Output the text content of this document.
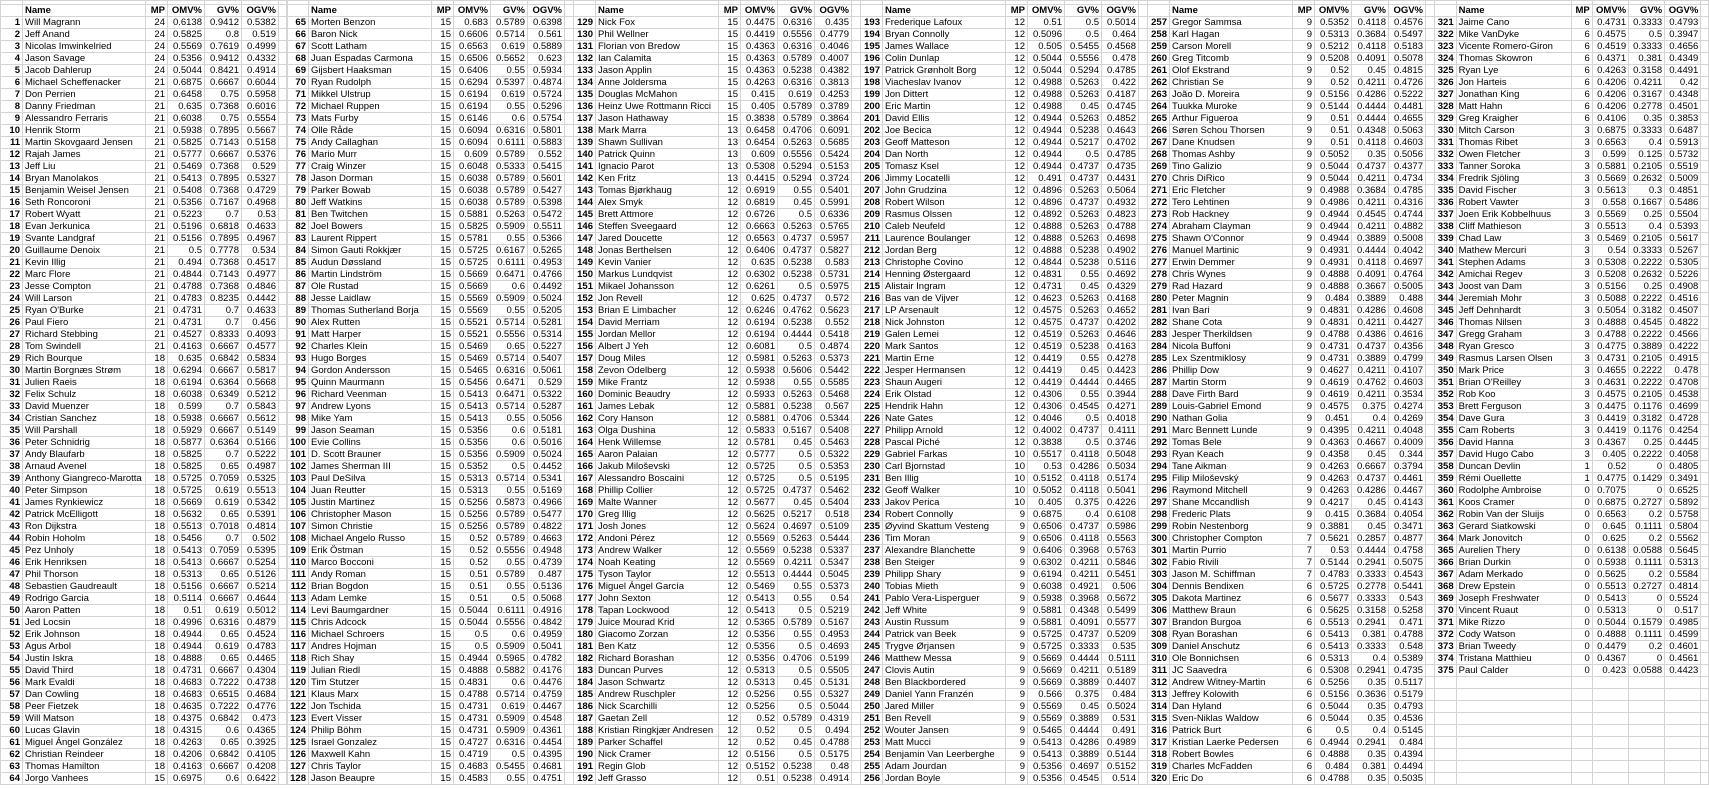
	Name	MP	OMV%	GV%	OGV%	
1	Will Magrann	24	0.6138	0.9412	0.5382	
2	Jeff Anand	24	0.5825	0.8	0.519	
3	Nicolas Imwinkelried	24	0.5569	0.7619	0.4999	
4	Jason Savage	24	0.5356	0.9412	0.4332	
5	Jacob Dahlerup	24	0.5044	0.8421	0.4914	
6	Michael Scheffenacker	21	0.6875	0.6667	0.6044	
7	Don Perrien	21	0.6458	0.75	0.5958	
8	Danny Friedman	21	0.635	0.7368	0.6016	
9	Alessandro Ferraris	21	0.6038	0.75	0.5554	
10	Henrik Storm	21	0.5938	0.7895	0.5667	
11	Martin Skovgaard Jensen	21	0.5825	0.7143	0.5158	
12	Rajah James	21	0.5777	0.6667	0.5376	
13	Jeff Liu	21	0.5469	0.7368	0.529	
14	Bryan Manolakos	21	0.5413	0.7895	0.5327	
15	Benjamin Weisel Jensen	21	0.5408	0.7368	0.4729	
16	Seth Roncoroni	21	0.5356	0.7167	0.4968	
17	Robert Wyatt	21	0.5223	0.7	0.53	
18	Evan Jerkunica	21	0.5196	0.6818	0.4633	
19	Svante Landgraf	21	0.5156	0.7895	0.4967	
20	Guillaume Denoix	21	0.5	0.7778	0.534	
21	Kevin Illig	21	0.494	0.7368	0.4517	
22	Marc Flore	21	0.4844	0.7143	0.4977	
23	Jesse Compton	21	0.4788	0.7368	0.4846	
24	Will Larson	21	0.4783	0.8235	0.4442	
25	Ryan O'Burke	21	0.4731	0.7	0.4633	
26	Paul Fiero	21	0.4731	0.7	0.456	
27	Richard Stebbing	21	0.4527	0.8333	0.4093	
28	Tom Swindell	21	0.4163	0.6667	0.4577	
29	Rich Bourque	18	0.635	0.6842	0.5834	
30	Martin Borgnæs Strøm	18	0.6294	0.6667	0.5817	
31	Julien Raeis	18	0.6194	0.6364	0.5668	
32	Felix Schulz	18	0.6038	0.6349	0.5212	
33	David Muenzer	18	0.599	0.7	0.5843	
34	Cristian Sanchez	18	0.5938	0.6667	0.5612	
35	Will Parshall	18	0.5929	0.6667	0.5149	
36	Peter Schnidrig	18	0.5877	0.6364	0.5166	
37	Andy Blaufarb	18	0.5825	0.7	0.5222	
38	Arnaud Avenel	18	0.5825	0.65	0.4987	
39	Anthony Giangreco-Marotta	18	0.5725	0.7059	0.5325	
40	Peter Simpson	18	0.5725	0.619	0.5513	
41	James Rynkiewicz	18	0.5669	0.619	0.5342	
42	Patrick McElligott	18	0.5632	0.65	0.5391	
43	Ron Dijkstra	18	0.5513	0.7018	0.4814	
44	Robin Hoholm	18	0.5456	0.7	0.502	
45	Pez Unholy	18	0.5413	0.7059	0.5395	
46	Erik Henriksen	18	0.5413	0.6667	0.5254	
47	Phil Thorson	18	0.5313	0.65	0.5126	
48	Sebastien Gaudreault	18	0.5156	0.6667	0.5214	
49	Rodrigo Garcia	18	0.5114	0.6667	0.4644	
50	Aaron Patten	18	0.51	0.619	0.5012	
51	Jed Locsin	18	0.4996	0.6316	0.4879	
52	Erik Johnson	18	0.4944	0.65	0.4524	
53	Agus Arbol	18	0.4944	0.619	0.4783	
54	Justin Iskra	18	0.4888	0.65	0.4465	
55	David Third	18	0.4731	0.6667	0.4304	
56	Mark Evaldi	18	0.4683	0.7222	0.4738	
57	Dan Cowling	18	0.4683	0.6515	0.4684	
58	Peer Fietzek	18	0.4635	0.7222	0.4776	
59	Will Matson	18	0.4375	0.6842	0.473	
60	Lucas Glavin	18	0.4315	0.6	0.4365	
61	Miguel Ángel González	18	0.4263	0.65	0.3925	
62	Christian Reindeer	18	0.4206	0.6842	0.4105	
63	Thomas Hamilton	18	0.4163	0.6667	0.4208	
64	Jorgo Vanhees	15	0.6975	0.6	0.6422	

	Name	MP	OMV%	GV%	OGV%	
65	Morten Benzon	15	0.683	0.5789	0.6398	
66	Baron Nick	15	0.6606	0.5714	0.561	
67	Scott Latham	15	0.6563	0.619	0.5889	
68	Juan Espadas Carmona	15	0.6506	0.5652	0.623	
69	Gijsbert Haaksman	15	0.6406	0.55	0.5934	
70	Ryan Rudolph	15	0.6294	0.5397	0.4874	
71	Mikkel Ulstrup	15	0.6194	0.619	0.5724	
72	Michael Ruppen	15	0.6194	0.55	0.5296	
73	Mats Furby	15	0.6146	0.6	0.5754	
74	Olle Råde	15	0.6094	0.6316	0.5801	
75	Andy Callaghan	15	0.6094	0.6111	0.5883	
76	Mario Murr	15	0.609	0.5789	0.552	
77	Craig Winzer	15	0.6048	0.5333	0.5415	
78	Jason Dorman	15	0.6038	0.5789	0.5601	
79	Parker Bowab	15	0.6038	0.5789	0.5427	
80	Jeff Watkins	15	0.6038	0.5789	0.5398	
81	Ben Twitchen	15	0.5881	0.5263	0.5472	
82	Joel Bowers	15	0.5825	0.5909	0.5511	
83	Laurent Rippert	15	0.5781	0.55	0.5366	
84	Simon Gauti Rokkjær	15	0.5725	0.6167	0.5265	
85	Audun Døssland	15	0.5725	0.6111	0.4953	
86	Martin Lindström	15	0.5669	0.6471	0.4766	
87	Ole Rustad	15	0.5669	0.6	0.4492	
88	Jesse Laidlaw	15	0.5569	0.5909	0.5024	
89	Thomas Sutherland Borja	15	0.5569	0.55	0.5205	
90	Alex Rutten	15	0.5521	0.5714	0.5281	
91	Matt Harper	15	0.5521	0.5556	0.5314	
92	Charles Klein	15	0.5469	0.65	0.5227	
93	Hugo Borges	15	0.5469	0.5714	0.5407	
94	Gordon Andersson	15	0.5465	0.6316	0.5061	
95	Quinn Maurmann	15	0.5456	0.6471	0.529	
96	Richard Veenman	15	0.5413	0.6471	0.5322	
97	Andrew Lyons	15	0.5413	0.5714	0.5287	
98	Mike Yam	15	0.5413	0.55	0.5056	
99	Jason Seaman	15	0.5356	0.6	0.5181	
100	Evie Collins	15	0.5356	0.6	0.5016	
101	D. Scott Brauner	15	0.5356	0.5909	0.5024	
102	James Sherman III	15	0.5352	0.5	0.4452	
103	Paul DeSilva	15	0.5313	0.5714	0.5341	
104	Juan Reutter	15	0.5313	0.55	0.5169	
105	Justin Martinez	15	0.5256	0.5873	0.4966	
106	Christopher Mason	15	0.5256	0.5789	0.5477	
107	Simon Christie	15	0.5256	0.5789	0.4822	
108	Michael Angelo Russo	15	0.52	0.5789	0.4663	
109	Erik Östman	15	0.52	0.5556	0.4948	
110	Marco Bocconi	15	0.52	0.55	0.4739	
111	Andy Roman	15	0.51	0.5789	0.487	
112	Brian Bogdon	15	0.51	0.55	0.5136	
113	Adam Lemke	15	0.51	0.5	0.5068	
114	Levi Baumgardner	15	0.5044	0.6111	0.4916	
115	Chris Adcock	15	0.5044	0.5556	0.4842	
116	Michael Schroers	15	0.5	0.6	0.4959	
117	Andres Hojman	15	0.5	0.5909	0.5041	
118	Rich Shay	15	0.4944	0.5965	0.4782	
119	Julian Riedl	15	0.4888	0.5882	0.4176	
120	Tim Stutzer	15	0.4831	0.6	0.4476	
121	Klaus Marx	15	0.4788	0.5714	0.4759	
122	Jon Tschida	15	0.4731	0.619	0.4467	
123	Evert Visser	15	0.4731	0.5909	0.4548	
124	Philip Böhm	15	0.4731	0.5909	0.4361	
125	Israel Gonzalez	15	0.4727	0.6316	0.4454	
126	Maxwell Kahn	15	0.4719	0.5	0.4395	
127	Chris Taylor	15	0.4683	0.5455	0.4681	
128	Jason Beaupre	15	0.4583	0.55	0.4751	

	Name	MP	OMV%	GV%	OGV%	
129	Nick Fox	15	0.4475	0.6316	0.435	
130	Phil Wellner	15	0.4419	0.5556	0.4779	
131	Florian von Bredow	15	0.4363	0.6316	0.4046	
132	Ian Calamita	15	0.4363	0.5789	0.4007	
133	Jason Applin	15	0.4363	0.5238	0.4382	
134	Anne Joldersma	15	0.4263	0.6316	0.3813	
135	Douglas McMahon	15	0.415	0.619	0.4253	
136	Heinz Uwe Rottmann Ricci	15	0.405	0.5789	0.3789	
137	Jason Hathaway	15	0.3838	0.5789	0.3864	
138	Mark Marra	13	0.6458	0.4706	0.6091	
139	Shawn Sullivan	13	0.6454	0.5263	0.5685	
140	Patrick Quinn	13	0.609	0.5556	0.5424	
141	Ignacio Parot	13	0.5308	0.5294	0.5153	
142	Ken Fritz	13	0.4415	0.5294	0.3724	
143	Tomas Bjørkhaug	12	0.6919	0.55	0.5401	
144	Alex Smyk	12	0.6819	0.45	0.5991	
145	Brett Attmore	12	0.6726	0.5	0.6336	
146	Steffen Sveegaard	12	0.6663	0.5263	0.5765	
147	Jared Doucette	12	0.6563	0.4737	0.5957	
148	Jonas Berthelsen	12	0.6406	0.4737	0.5827	
149	Kevin Vanier	12	0.635	0.5238	0.583	
150	Markus Lundqvist	12	0.6302	0.5238	0.5731	
151	Mikael Johansson	12	0.6261	0.5	0.5975	
152	Jon Revell	12	0.625	0.4737	0.572	
153	Brian E Limbacher	12	0.6246	0.4762	0.5623	
154	David Merriam	12	0.6194	0.5238	0.552	
155	Jordan Mellor	12	0.6194	0.4444	0.5418	
156	Albert J Yeh	12	0.6081	0.5	0.4874	
157	Doug Miles	12	0.5981	0.5263	0.5373	
158	Zevon Odelberg	12	0.5938	0.5606	0.5442	
159	Mike Frantz	12	0.5938	0.55	0.5585	
160	Dominic Beaudry	12	0.5933	0.5263	0.5468	
161	James Lebak	12	0.5881	0.5238	0.567	
162	Cory Hanson	12	0.5881	0.4706	0.5344	
163	Olga Dushina	12	0.5833	0.5167	0.5408	
164	Henk Willemse	12	0.5781	0.45	0.5463	
165	Aaron Palaian	12	0.5777	0.5	0.5322	
166	Jakub Miloševski	12	0.5725	0.5	0.5353	
167	Alessandro Boscaini	12	0.5725	0.5	0.5195	
168	Phillip Collier	12	0.5725	0.4737	0.5462	
169	Malte Wanner	12	0.5677	0.45	0.5404	
170	Greg Illig	12	0.5625	0.5217	0.518	
171	Josh Jones	12	0.5624	0.4697	0.5109	
172	Andoni Pérez	12	0.5569	0.5263	0.5444	
173	Andrew Walker	12	0.5569	0.5238	0.5337	
174	Noah Keating	12	0.5569	0.4211	0.5347	
175	Tyson Taylor	12	0.5513	0.4444	0.5045	
176	Miguel Ángel García	12	0.5469	0.55	0.5373	
177	John Sexton	12	0.5413	0.55	0.54	
178	Tapan Lockwood	12	0.5413	0.5	0.5219	
179	Juice Mourad Krid	12	0.5365	0.5789	0.5167	
180	Giacomo Zorzan	12	0.5356	0.55	0.4953	
181	Ben Katz	12	0.5356	0.5	0.4693	
182	Richard Borashan	12	0.5356	0.4706	0.5199	
183	Duncan Purves	12	0.5313	0.5	0.5505	
184	Jason Schwartz	12	0.5313	0.45	0.5131	
185	Andrew Ruschpler	12	0.5256	0.55	0.5327	
186	Nick Scarchilli	12	0.5256	0.5	0.5044	
187	Gaetan Zell	12	0.52	0.5789	0.4319	
188	Kristian Ringkjær Andresen	12	0.52	0.5	0.494	
189	Parker Schaffel	12	0.52	0.45	0.4788	
190	Nick Cramer	12	0.5156	0.5	0.5175	
191	Regin Glob	12	0.5152	0.5238	0.48	
192	Jeff Grasso	12	0.51	0.5238	0.4914	

	Name	MP	OMV%	GV%	OGV%	
193	Frederique Lafoux	12	0.51	0.5	0.5014	
194	Bryan Connolly	12	0.5096	0.5	0.464	
195	James Wallace	12	0.505	0.5455	0.4568	
196	Colin Dunlap	12	0.5044	0.5556	0.478	
197	Patrick Grønholt Borg	12	0.5044	0.5294	0.4785	
198	Viacheslav Ivanov	12	0.4988	0.5263	0.422	
199	Jon Dittert	12	0.4988	0.5263	0.4187	
200	Eric Martin	12	0.4988	0.45	0.4745	
201	David Ellis	12	0.4944	0.5263	0.4852	
202	Joe Becica	12	0.4944	0.5238	0.4643	
203	Geoff Matteson	12	0.4944	0.5217	0.4702	
204	Dan North	12	0.4944	0.5	0.4785	
205	Tomasz Ksel	12	0.4944	0.4737	0.4735	
206	Jimmy Locatelli	12	0.491	0.4737	0.4431	
207	John Grudzina	12	0.4896	0.5263	0.5064	
208	Robert Wilson	12	0.4896	0.4737	0.4932	
209	Rasmus Olssen	12	0.4892	0.5263	0.4823	
210	Caleb Neufeld	12	0.4888	0.5263	0.4788	
211	Laurence Boulanger	12	0.4888	0.5263	0.4698	
212	Jordan Berg	12	0.4888	0.5238	0.4902	
213	Christophe Covino	12	0.4844	0.5238	0.5116	
214	Henning Østergaard	12	0.4831	0.55	0.4692	
215	Alistair Ingram	12	0.4731	0.45	0.4329	
216	Bas van de Vijver	12	0.4623	0.5263	0.4168	
217	LP Arsenault	12	0.4575	0.5263	0.4652	
218	Nick Johnston	12	0.4575	0.4737	0.4202	
219	Galen Lemei	12	0.4519	0.5263	0.4646	
220	Mark Santos	12	0.4519	0.5238	0.4163	
221	Martin Erne	12	0.4419	0.55	0.4278	
222	Jesper Hermansen	12	0.4419	0.45	0.4423	
223	Shaun Augeri	12	0.4419	0.4444	0.4465	
224	Erik Olstad	12	0.4306	0.55	0.3944	
225	Hendrik Hahn	12	0.4306	0.4545	0.4271	
226	Nate Gates	12	0.4046	0.5	0.4018	
227	Philipp Arnold	12	0.4002	0.4737	0.4111	
228	Pascal Piché	12	0.3838	0.5	0.3746	
229	Gabriel Farkas	10	0.5517	0.4118	0.5048	
230	Carl Bjornstad	10	0.53	0.4286	0.5034	
231	Ben Illig	10	0.5152	0.4118	0.5174	
232	Geoff Walker	10	0.5052	0.4118	0.5041	
233	Jakov Perica	10	0.405	0.375	0.4226	
234	Robert Connolly	9	0.6875	0.4	0.6108	
235	Øyvind Skattum Vesteng	9	0.6506	0.4737	0.5986	
236	Tim Moran	9	0.6506	0.4118	0.5563	
237	Alexandre Blanchette	9	0.6406	0.3968	0.5763	
238	Ben Steiger	9	0.6302	0.4211	0.5846	
239	Philipp Shary	9	0.6194	0.4211	0.5451	
240	Tobias Mieth	9	0.6038	0.4921	0.506	
241	Pablo Vera-Lisperguer	9	0.5938	0.3968	0.5672	
242	Jeff White	9	0.5881	0.4348	0.5499	
243	Austin Russum	9	0.5881	0.4091	0.5577	
244	Patrick van Beek	9	0.5725	0.4737	0.5209	
245	Trygve Ørjansen	9	0.5725	0.3333	0.535	
246	Matthew Messa	9	0.5669	0.4444	0.5111	
247	Clovis Autin	9	0.5669	0.4211	0.5189	
248	Ben Blackbordered	9	0.5669	0.3889	0.4407	
249	Daniel Yann Franzén	9	0.566	0.375	0.484	
250	Jared Miller	9	0.5569	0.45	0.5024	
251	Ben Revell	9	0.5569	0.3889	0.531	
252	Wouter Jansen	9	0.5465	0.4444	0.491	
253	Matt Mucci	9	0.5413	0.4286	0.4989	
254	Benjamin Van Leerberghe	9	0.5413	0.3889	0.5144	
255	Adam Jourdan	9	0.5356	0.4697	0.5152	
256	Jordan Boyle	9	0.5356	0.4545	0.514	

	Name	MP	OMV%	GV%	OGV%	
257	Gregor Sammsa	9	0.5352	0.4118	0.4576	
258	Karl Hagan	9	0.5313	0.3684	0.5497	
259	Carson Morell	9	0.5212	0.4118	0.5183	
260	Greg Titcomb	9	0.5208	0.4091	0.5078	
261	Olof Ekstrand	9	0.52	0.45	0.4815	
262	Christian Se	9	0.52	0.4211	0.4726	
263	João D. Moreira	9	0.5156	0.4286	0.5222	
264	Tuukka Muroke	9	0.5144	0.4444	0.4481	
265	Arthur Figueroa	9	0.51	0.4444	0.4655	
266	Søren Schou Thorsen	9	0.51	0.4348	0.5063	
267	Dane Knudsen	9	0.51	0.4118	0.4603	
268	Thomas Ashby	9	0.5052	0.35	0.5056	
269	Tino Galizio	9	0.5044	0.4737	0.4377	
270	Chris DiRico	9	0.5044	0.4211	0.4734	
271	Eric Fletcher	9	0.4988	0.3684	0.4785	
272	Tero Lehtinen	9	0.4986	0.4211	0.4316	
273	Rob Hackney	9	0.4944	0.4545	0.4744	
274	Abraham Clayman	9	0.4944	0.4211	0.4882	
275	Shawn O'Connor	9	0.4944	0.3889	0.5008	
276	Manuel Martinic	9	0.4931	0.4444	0.4042	
277	Erwin Demmer	9	0.4931	0.4118	0.4697	
278	Chris Wynes	9	0.4888	0.4091	0.4764	
279	Rad Hazard	9	0.4888	0.3667	0.5005	
280	Peter Magnin	9	0.484	0.3889	0.488	
281	Ivan Bari	9	0.4831	0.4286	0.4608	
282	Shane Cota	9	0.4831	0.4211	0.4427	
283	Jesper Therkildsen	9	0.4788	0.4386	0.4616	
284	Nicola Buffoni	9	0.4731	0.4737	0.4356	
285	Lex Szentmiklosy	9	0.4731	0.3889	0.4799	
286	Phillip Dow	9	0.4627	0.4211	0.4107	
287	Martin Storm	9	0.4619	0.4762	0.4603	
288	Dave Firth Bard	9	0.4619	0.4211	0.3534	
289	Louis-Gabriel Emond	9	0.4575	0.375	0.4274	
290	Nathan Golia	9	0.451	0.4	0.4269	
291	Marc Bennett Lunde	9	0.4395	0.4211	0.4048	
292	Tomas Bele	9	0.4363	0.4667	0.4009	
293	Ryan Keach	9	0.4358	0.45	0.344	
294	Tane Aikman	9	0.4263	0.6667	0.3794	
295	Filip Miloševský	9	0.4263	0.4737	0.4461	
296	Raymond Mitchell	9	0.4263	0.4286	0.4467	
297	Shane Mccandlish	9	0.4217	0.45	0.4143	
298	Frederic Plats	9	0.415	0.3684	0.4054	
299	Robin Nestenborg	9	0.3881	0.45	0.3471	
300	Christopher Compton	7	0.5621	0.2857	0.4877	
301	Martin Purrio	7	0.53	0.4444	0.4758	
302	Fabio Rivili	7	0.5144	0.2941	0.5075	
303	Jason M. Schiffman	7	0.4783	0.3333	0.4543	
304	Dennis Bendixen	6	0.5725	0.2778	0.5441	
305	Dakota Martinez	6	0.5677	0.3333	0.543	
306	Matthew Braun	6	0.5625	0.3158	0.5258	
307	Brandon Burgoa	6	0.5513	0.2941	0.471	
308	Ryan Borashan	6	0.5413	0.381	0.4788	
309	Daniel Anschutz	6	0.5413	0.3333	0.548	
310	Ole Bonnichsen	6	0.5313	0.4	0.5389	
311	JC Saavedra	6	0.5308	0.2941	0.4735	
312	Andrew Witney-Martin	6	0.5256	0.35	0.5117	
313	Jeffrey Kolowith	6	0.5156	0.3636	0.5179	
314	Dan Hyland	6	0.5044	0.35	0.4793	
315	Sven-Niklas Waldow	6	0.5044	0.35	0.4536	
316	Patrick Burt	6	0.5	0.4	0.5145	
317	Kristian Laerke Pedersen	6	0.4944	0.2941	0.484	
318	Robert Bowles	6	0.4888	0.35	0.4394	
319	Charles McFadden	6	0.484	0.381	0.4494	
320	Eric Do	6	0.4788	0.35	0.5035	

	Name	MP	OMV%	GV%	OGV%	
321	Jaime Cano	6	0.4731	0.3333	0.4793	
322	Mike VanDyke	6	0.4575	0.5	0.3947	
323	Vicente Romero-Giron	6	0.4519	0.3333	0.4656	
324	Thomas Skowron	6	0.4371	0.381	0.4349	
325	Ryan Lye	6	0.4263	0.3158	0.4491	
326	Jon Harteis	6	0.4206	0.4211	0.42	
327	Jonathan King	6	0.4206	0.3167	0.4348	
328	Matt Hahn	6	0.4206	0.2778	0.4501	
329	Greg Kraigher	6	0.4106	0.35	0.3853	
330	Mitch Carson	3	0.6875	0.3333	0.6487	
331	Thomas Ribet	3	0.6563	0.4	0.5913	
332	Owen Fletcher	3	0.599	0.125	0.5732	
333	Tanner Soroka	3	0.5881	0.2105	0.5519	
334	Fredrik Sjöling	3	0.5669	0.2632	0.5009	
335	David Fischer	3	0.5613	0.3	0.4851	
336	Robert Vawter	3	0.558	0.1667	0.5486	
337	Joen Erik Kobbelhuus	3	0.5569	0.25	0.5504	
338	Cliff Mathieson	3	0.5513	0.4	0.5393	
339	Chad Law	3	0.5469	0.2105	0.5617	
340	Mathew Mercuri	3	0.54	0.3333	0.5267	
341	Stephen Adams	3	0.5308	0.2222	0.5305	
342	Amichai Regev	3	0.5208	0.2632	0.5226	
343	Joost van Dam	3	0.5156	0.25	0.4908	
344	Jeremiah Mohr	3	0.5088	0.2222	0.4516	
345	Jeff Dehnhardt	3	0.5054	0.3182	0.4507	
346	Thomas Nilsen	3	0.4888	0.4545	0.4822	
347	Gregg Graham	3	0.4788	0.2222	0.4566	
348	Ryan Gresco	3	0.4775	0.3889	0.4222	
349	Rasmus Larsen Olsen	3	0.4731	0.2105	0.4915	
350	Mark Price	3	0.4655	0.2222	0.478	
351	Brian O'Reilley	3	0.4631	0.2222	0.4708	
352	Rob Koo	3	0.4575	0.2105	0.4538	
353	Brett Ferguson	3	0.4475	0.1176	0.4699	
354	Dave Gura	3	0.4419	0.3182	0.4728	
355	Cam Roberts	3	0.4419	0.1176	0.4254	
356	David Hanna	3	0.4367	0.25	0.4445	
357	David Hugo Cabo	3	0.405	0.2222	0.4058	
358	Duncan Devlin	1	0.52	0	0.4805	
359	Rémi Ouellette	1	0.4775	0.1429	0.3491	
360	Rodolphe Ambroise	0	0.7075	0	0.6525	
361	Koos Cramer	0	0.6875	0.2727	0.5892	
362	Robin Van der Sluijs	0	0.6563	0.2	0.5758	
363	Gerard Siatkowski	0	0.645	0.1111	0.5804	
364	Mark Jonovitch	0	0.625	0.2	0.5562	
365	Aurelien Thery	0	0.6138	0.0588	0.5645	
366	Brian Durkin	0	0.5938	0.1111	0.5313	
367	Adam Merkado	0	0.5625	0.2	0.5584	
368	Drew Epstein	0	0.5513	0.2727	0.4814	
369	Joseph Freshwater	0	0.5413	0	0.5524	
370	Vincent Ruaut	0	0.5313	0	0.517	
371	Mike Rizzo	0	0.5044	0.1579	0.4985	
372	Cody Watson	0	0.4888	0.1111	0.4599	
373	Brian Tweedy	0	0.4479	0.2	0.4601	
374	Tristana Matthieu	0	0.4367	0	0.4561	
375	Paul Calder	0	0.423	0.0588	0.4423	
